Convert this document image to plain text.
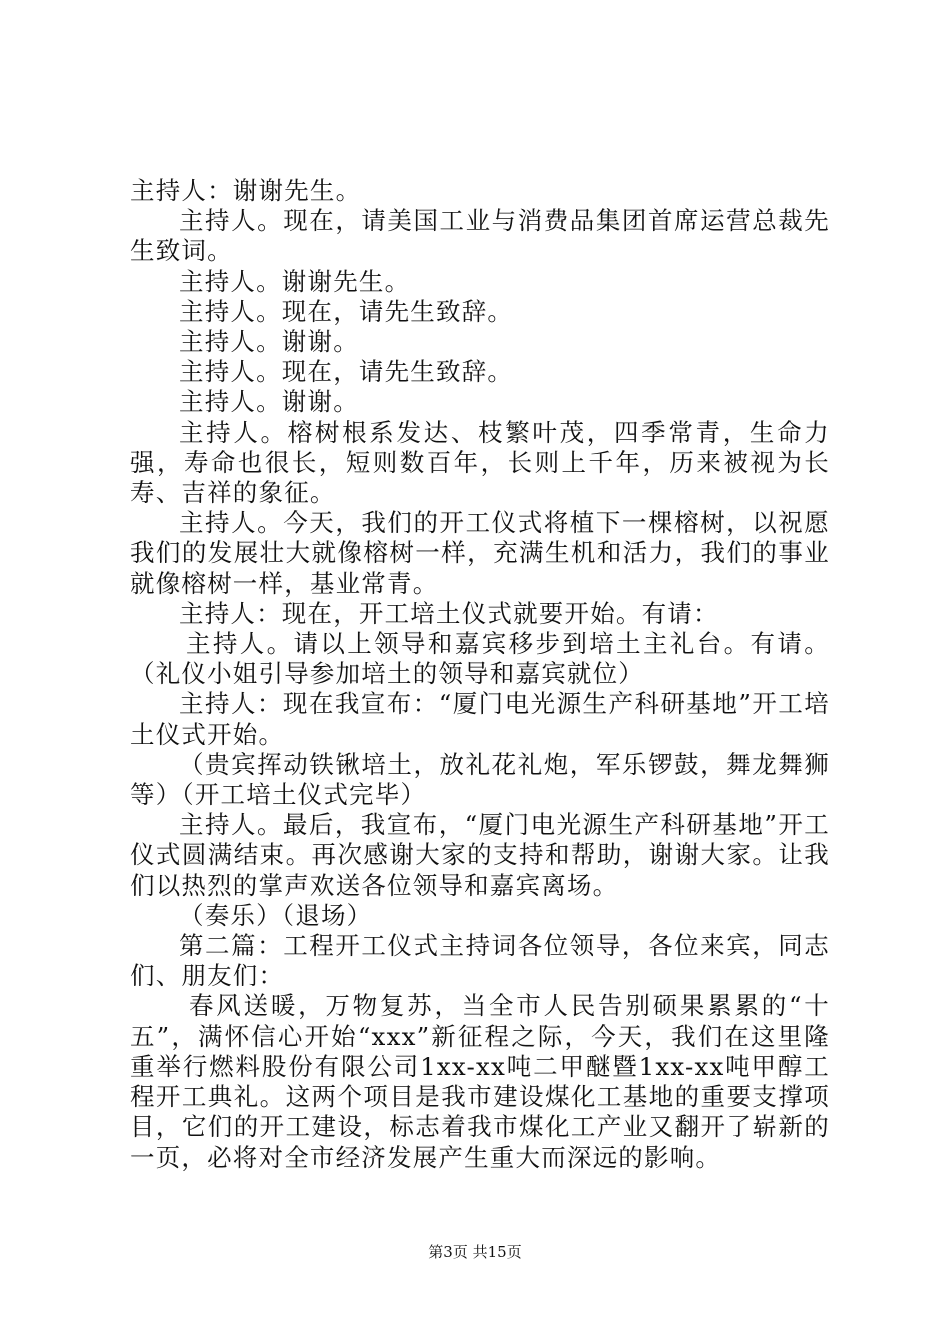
主持人：谢谢先生。

主持人。现在，请美国工业与消费品集团首席运营总裁先生致词。

主持人。谢谢先生。

主持人。现在，请先生致辞。

主持人。谢谢。

主持人。现在，请先生致辞。

主持人。谢谢。

主持人。榕树根系发达、枝繁叶茂，四季常青，生命力强，寿命也很长，短则数百年，长则上千年，历来被视为长寿、吉祥的象征。

主持人。今天，我们的开工仪式将植下一棵榕树，以祝愿我们的发展壮大就像榕树一样，充满生机和活力，我们的事业就像榕树一样，基业常青。

主持人：现在，开工培土仪式就要开始。有请：

主持人。请以上领导和嘉宾移步到培土主礼台。有请。（礼仪小姐引导参加培土的领导和嘉宾就位）

主持人：现在我宣布：“厦门电光源生产科研基地”开工培土仪式开始。

（贵宾挥动铁锹培土，放礼花礼炮，军乐锣鼓，舞龙舞狮等）（开工培土仪式完毕）

主持人。最后，我宣布，“厦门电光源生产科研基地”开工仪式圆满结束。再次感谢大家的支持和帮助，谢谢大家。让我们以热烈的掌声欢送各位领导和嘉宾离场。

（奏乐）（退场）

第二篇：工程开工仪式主持词各位领导，各位来宾，同志们、朋友们：

春风送暖，万物复苏，当全市人民告别硕果累累的“十五”，满怀信心开始“xxx”新征程之际，今天，我们在这里隆重举行燃料股份有限公司1xx-xx吨二甲醚暨1xx-xx吨甲醇工程开工典礼。这两个项目是我市建设煤化工基地的重要支撑项目，它们的开工建设，标志着我市煤化工产业又翻开了崭新的一页，必将对全市经济发展产生重大而深远的影响。

第3页 共15页
